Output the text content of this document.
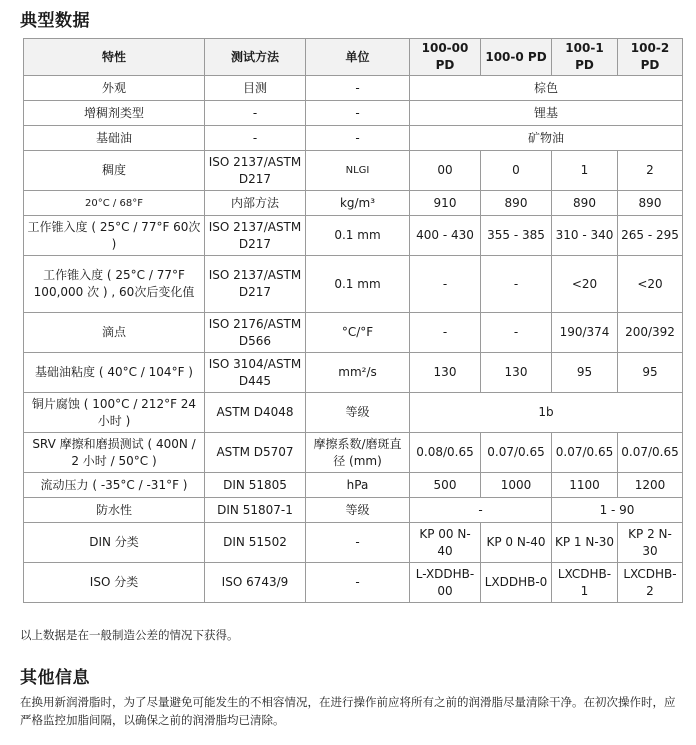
典型数据
特性	测试方法	单位	100-00 PD	100-0 PD	100-1 PD	100-2 PD
外观	目测	-	棕色			
增稠剂类型	-	-	锂基			
基础油	-	-	矿物油			
稠度	ISO 2137/ASTM D217	NLGI	00	0	1	2
20°C / 68°F	内部方法	kg/m³	910	890	890	890
工作锥入度 ( 25°C / 77°F 60次 )	ISO 2137/ASTM D217	0.1 mm	400 - 430	355 - 385	310 - 340	265 - 295
工作锥入度 ( 25°C / 77°F 100,000 次 ) , 60次后变化值	ISO 2137/ASTM D217	0.1 mm	-	-	<20	<20
滴点	ISO 2176/ASTM D566	°C/°F	-	-	190/374	200/392
基础油粘度 ( 40°C / 104°F )	ISO 3104/ASTM D445	mm²/s	130	130	95	95
铜片腐蚀 ( 100°C / 212°F 24小时 )	ASTM D4048	等级	1b			
SRV 摩擦和磨损测试 ( 400N / 2 小时 / 50°C )	ASTM D5707	摩擦系数/磨斑直径 (mm)	0.08/0.65	0.07/0.65	0.07/0.65	0.07/0.65
流动压力 ( -35°C / -31°F )	DIN 51805	hPa	500	1000	1100	1200
防水性	DIN 51807-1	等级	-		1 - 90	
DIN 分类	DIN 51502	-	KP 00 N-40	KP 0 N-40	KP 1 N-30	KP 2 N-30
ISO 分类	ISO 6743/9	-	L-XDDHB-00	LXDDHB-0	LXCDHB-1	LXCDHB-2
以上数据是在一般制造公差的情况下获得。
其他信息
在换用新润滑脂时，为了尽量避免可能发生的不相容情况，在进行操作前应将所有之前的润滑脂尽量清除干净。在初次操作时，应严格监控加脂间隔，以确保之前的润滑脂均已清除。
